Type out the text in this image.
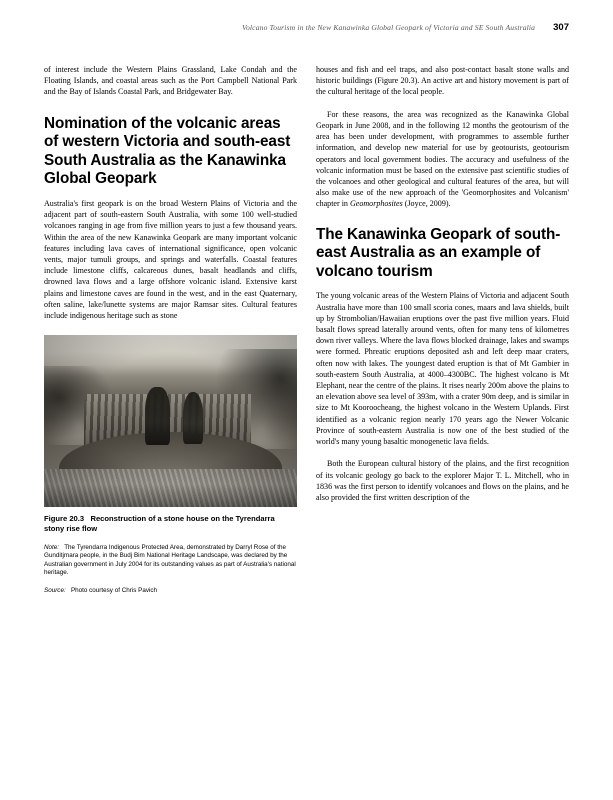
Volcano Tourism in the New Kanawinka Global Geopark of Victoria and SE South Australia 307

of interest include the Western Plains Grassland, Lake Condah and the Floating Islands, and coastal areas such as the Port Campbell National Park and the Bay of Islands Coastal Park, and Bridgewater Bay.

Nomination of the volcanic areas of western Victoria and south-east South Australia as the Kanawinka Global Geopark

Australia's first geopark is on the broad Western Plains of Victoria and the adjacent part of south-eastern South Australia, with some 100 well-studied volcanoes ranging in age from five million years to just a few thousand years. Within the area of the new Kanawinka Geopark are many important volcanic features including lava caves of international significance, open volcanic vents, major tumuli groups, and springs and waterfalls. Coastal features include limestone cliffs, calcareous dunes, basalt headlands and cliffs, drowned lava flows and a large offshore volcanic island. Extensive karst plains and limestone caves are found in the west, and in the east Quaternary, often saline, lake/lunette systems are major Ramsar sites. Cultural features include indigenous heritage such as stone

Figure 20.3 Reconstruction of a stone house on the Tyrendarra stony rise flow
Note: The Tyrendarra Indigenous Protected Area, demonstrated by Darryl Rose of the Gunditjmara people, in the Budj Bim National Heritage Landscape, was declared by the Australian government in July 2004 for its outstanding values as part of Australia's national heritage.
Source: Photo courtesy of Chris Pavich

houses and fish and eel traps, and also post-contact basalt stone walls and historic buildings (Figure 20.3). An active art and history movement is part of the cultural heritage of the local people.

For these reasons, the area was recognized as the Kanawinka Global Geopark in June 2008, and in the following 12 months the geotourism of the area has been under development, with programmes to assemble further information, and develop new material for use by geotourists, geotourism operators and local government bodies. The accuracy and usefulness of the volcanic information must be based on the extensive past scientific studies of the volcanoes and other geological and cultural features of the area, but will also make use of the new approach of the 'Geomorphosites and Volcanism' chapter in Geomorphosites (Joyce, 2009).

The Kanawinka Geopark of south-east Australia as an example of volcano tourism

The young volcanic areas of the Western Plains of Victoria and adjacent South Australia have more than 100 small scoria cones, maars and lava shields, built up by Strombolian/Hawaiian eruptions over the past five million years. Fluid basalt flows spread laterally around vents, often for many tens of kilometres down river valleys. Where the lava flows blocked drainage, lakes and swamps were formed. Phreatic eruptions deposited ash and left deep maar craters, often now with lakes. The youngest dated eruption is that of Mt Gambier in south-eastern South Australia, at 4000–4300BC. The highest volcano is Mt Elephant, near the centre of the plains. It rises nearly 200m above the plains to an elevation above sea level of 393m, with a crater 90m deep, and is similar in size to Mt Kooroocheang, the highest volcano in the Western Uplands. First identified as a volcanic region nearly 170 years ago the Newer Volcanic Province of south-eastern Australia is now one of the best studied of the world's many young basaltic monogenetic lava fields.

Both the European cultural history of the plains, and the first recognition of its volcanic geology go back to the explorer Major T. L. Mitchell, who in 1836 was the first person to identify volcanoes and flows on the plains, and he also provided the first written description of the
